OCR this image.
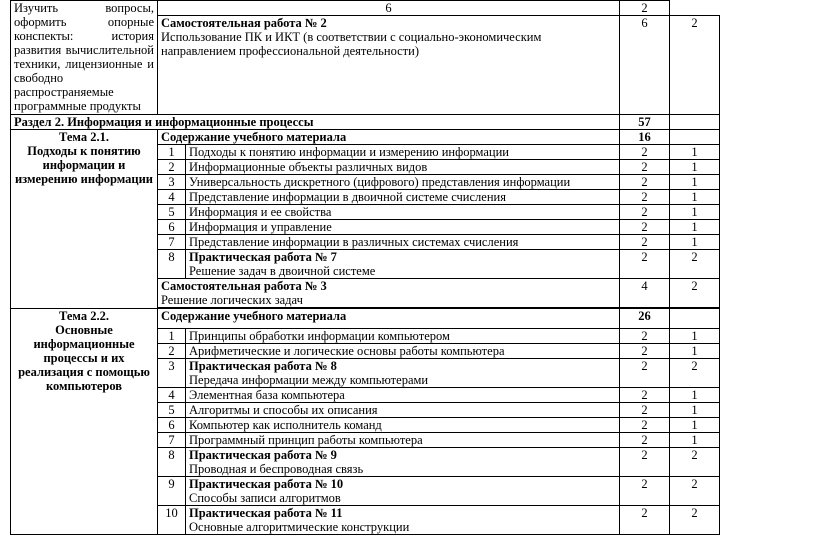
Изучить вопросы, оформить опорные конспекты: история развития вычислительной техники, лицензионные и свободно распространяемые программные продукты	6		2	

	Самостоятельная работа № 2
Использование ПК и ИКТ (в соответствии с социально-экономическим направлением профессиональной деятельности)		6	2
Раздел 2. Информация и информационные процессы			57	
Тема 2.1.
Подходы к понятию информации и измерению информации	Содержание учебного материала		16	
	1	Подходы к понятию информации и измерению информации	2	1
	2	Информационные объекты различных видов	2	1
	3	Универсальность дискретного (цифрового) представления информации	2	1
	4	Представление информации в двоичной системе счисления	2	1
	5	Информация и ее свойства	2	1
	6	Информация и управление	2	1
	7	Представление информации в различных системах счисления	2	1
	8	Практическая работа № 7
Решение задач в двоичной системе	2	2

	Самостоятельная работа № 3
Решение логических задач		4	2

Тема 2.2.
Основные информационные процессы и их реализация с помощью компьютеров	Содержание учебного материала		26	
	1	Принципы обработки информации компьютером	2	1
	2	Арифметические и логические основы работы компьютера	2	1
	3	Практическая работа № 8
Передача информации между компьютерами	2	2
	4	Элементная база компьютера	2	1
	5	Алгоритмы и способы их описания	2	1
	6	Компьютер как исполнитель команд	2	1
	7	Программный принцип работы компьютера	2	1
	8	Практическая работа № 9
Проводная и беспроводная связь	2	2
	9	Практическая работа № 10
Способы записи алгоритмов	2	2
	10	Практическая работа № 11
Основные алгоритмические конструкции	2	2
